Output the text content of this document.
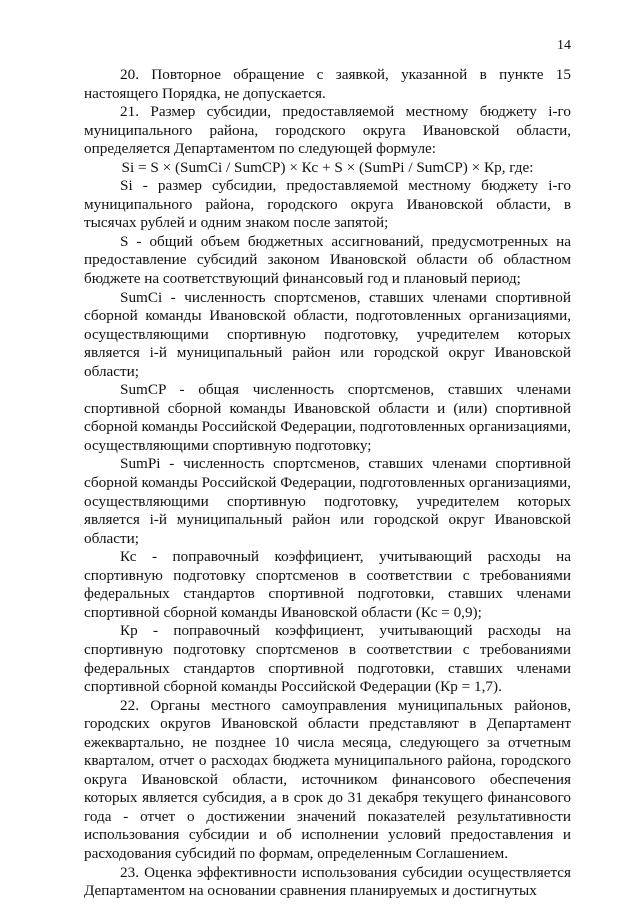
14

20. Повторное обращение с заявкой, указанной в пункте 15 настоящего Порядка, не допускается.

21. Размер субсидии, предоставляемой местному бюджету i-го муниципального района, городского округа Ивановской области, определяется Департаментом по следующей формуле:

Si = S × (SumCi / SumCP) × Кс + S × (SumPi / SumCP) × Кр, где:

Si - размер субсидии, предоставляемой местному бюджету i-го муниципального района, городского округа Ивановской области, в тысячах рублей и одним знаком после запятой;

S - общий объем бюджетных ассигнований, предусмотренных на предоставление субсидий законом Ивановской области об областном бюджете на соответствующий финансовый год и плановый период;

SumCi - численность спортсменов, ставших членами спортивной сборной команды Ивановской области, подготовленных организациями, осуществляющими спортивную подготовку, учредителем которых является i-й муниципальный район или городской округ Ивановской области;

SumCP - общая численность спортсменов, ставших членами спортивной сборной команды Ивановской области и (или) спортивной сборной команды Российской Федерации, подготовленных организациями, осуществляющими спортивную подготовку;

SumPi - численность спортсменов, ставших членами спортивной сборной команды Российской Федерации, подготовленных организациями, осуществляющими спортивную подготовку, учредителем которых является i-й муниципальный район или городской округ Ивановской области;

Кс - поправочный коэффициент, учитывающий расходы на спортивную подготовку спортсменов в соответствии с требованиями федеральных стандартов спортивной подготовки, ставших членами спортивной сборной команды Ивановской области (Кс = 0,9);

Кр - поправочный коэффициент, учитывающий расходы на спортивную подготовку спортсменов в соответствии с требованиями федеральных стандартов спортивной подготовки, ставших членами спортивной сборной команды Российской Федерации (Кр = 1,7).

22. Органы местного самоуправления муниципальных районов, городских округов Ивановской области представляют в Департамент ежеквартально, не позднее 10 числа месяца, следующего за отчетным кварталом, отчет о расходах бюджета муниципального района, городского округа Ивановской области, источником финансового обеспечения которых является субсидия, а в срок до 31 декабря текущего финансового года - отчет о достижении значений показателей результативности использования субсидии и об исполнении условий предоставления и расходования субсидий по формам, определенным Соглашением.

23. Оценка эффективности использования субсидии осуществляется Департаментом на основании сравнения планируемых и достигнутых
